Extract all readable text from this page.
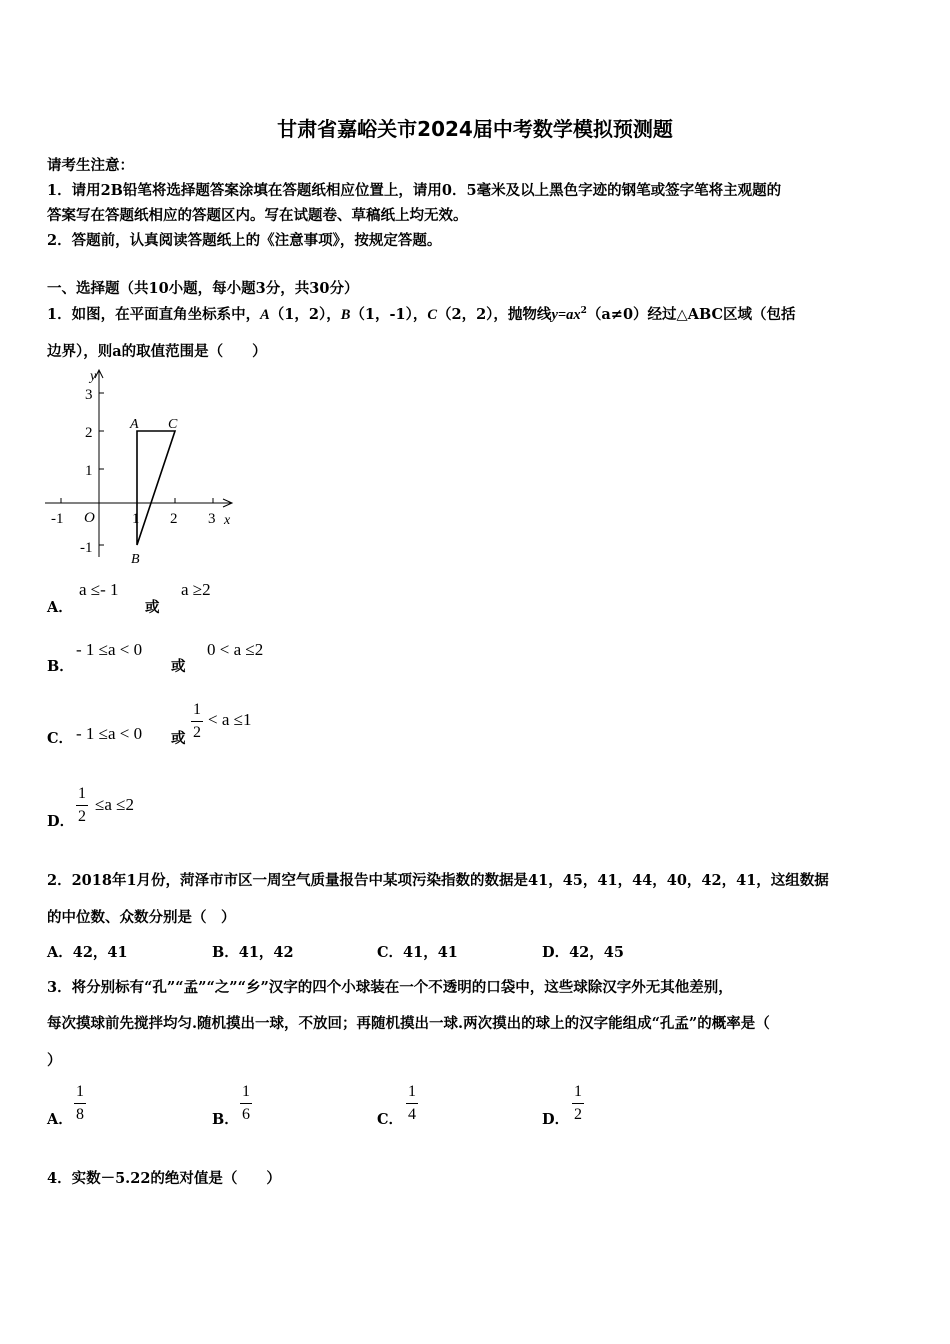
甘肃省嘉峪关市2024届中考数学模拟预测题
请考生注意：
1．请用2B铅笔将选择题答案涂填在答题纸相应位置上，请用0．5毫米及以上黑色字迹的钢笔或签字笔将主观题的
答案写在答题纸相应的答题区内。写在试题卷、草稿纸上均无效。
2．答题前，认真阅读答题纸上的《注意事项》，按规定答题。
一、选择题（共10小题，每小题3分，共30分）
1．如图，在平面直角坐标系中，A（1，2），B（1，-1），C（2，2），抛物线$y=ax^2(a\ne 0)$经过△ABC区域（包括
边界），则a的取值范围是（　　）
y
x
O
-1	1 2 3
3
2
1
-1
A C
B
A．
a ≤- 1
或
a ≥2
B．
- 1 ≤a < 0
或
0 < a ≤2
C． - 1 ≤a < 0 或 $\frac{1}{2} < a \le 1$
D． $\frac{1}{2} \le a \le 2$
2．2018年1月份，菏泽市市区一周空气质量报告中某项污染指数的数据是41，45，41，44，40，42，41，这组数据
的中位数、众数分别是（　）
A．42，41	B．41，42	C．41，41	D．42，45
3．将分别标有“孔”“孟”“之”“乡”汉字的四个小球装在一个不透明的口袋中，这些球除汉字外无其他差别，
每次摸球前先搅拌均匀.随机摸出一球，不放回；再随机摸出一球.两次摸出的球上的汉字能组成“孔孟”的概率是（
）
A． $\frac{1}{8}$	B． $\frac{1}{6}$	C． $\frac{1}{4}$	D． $\frac{1}{2}$
4．实数－5.22的绝对值是（　　）
